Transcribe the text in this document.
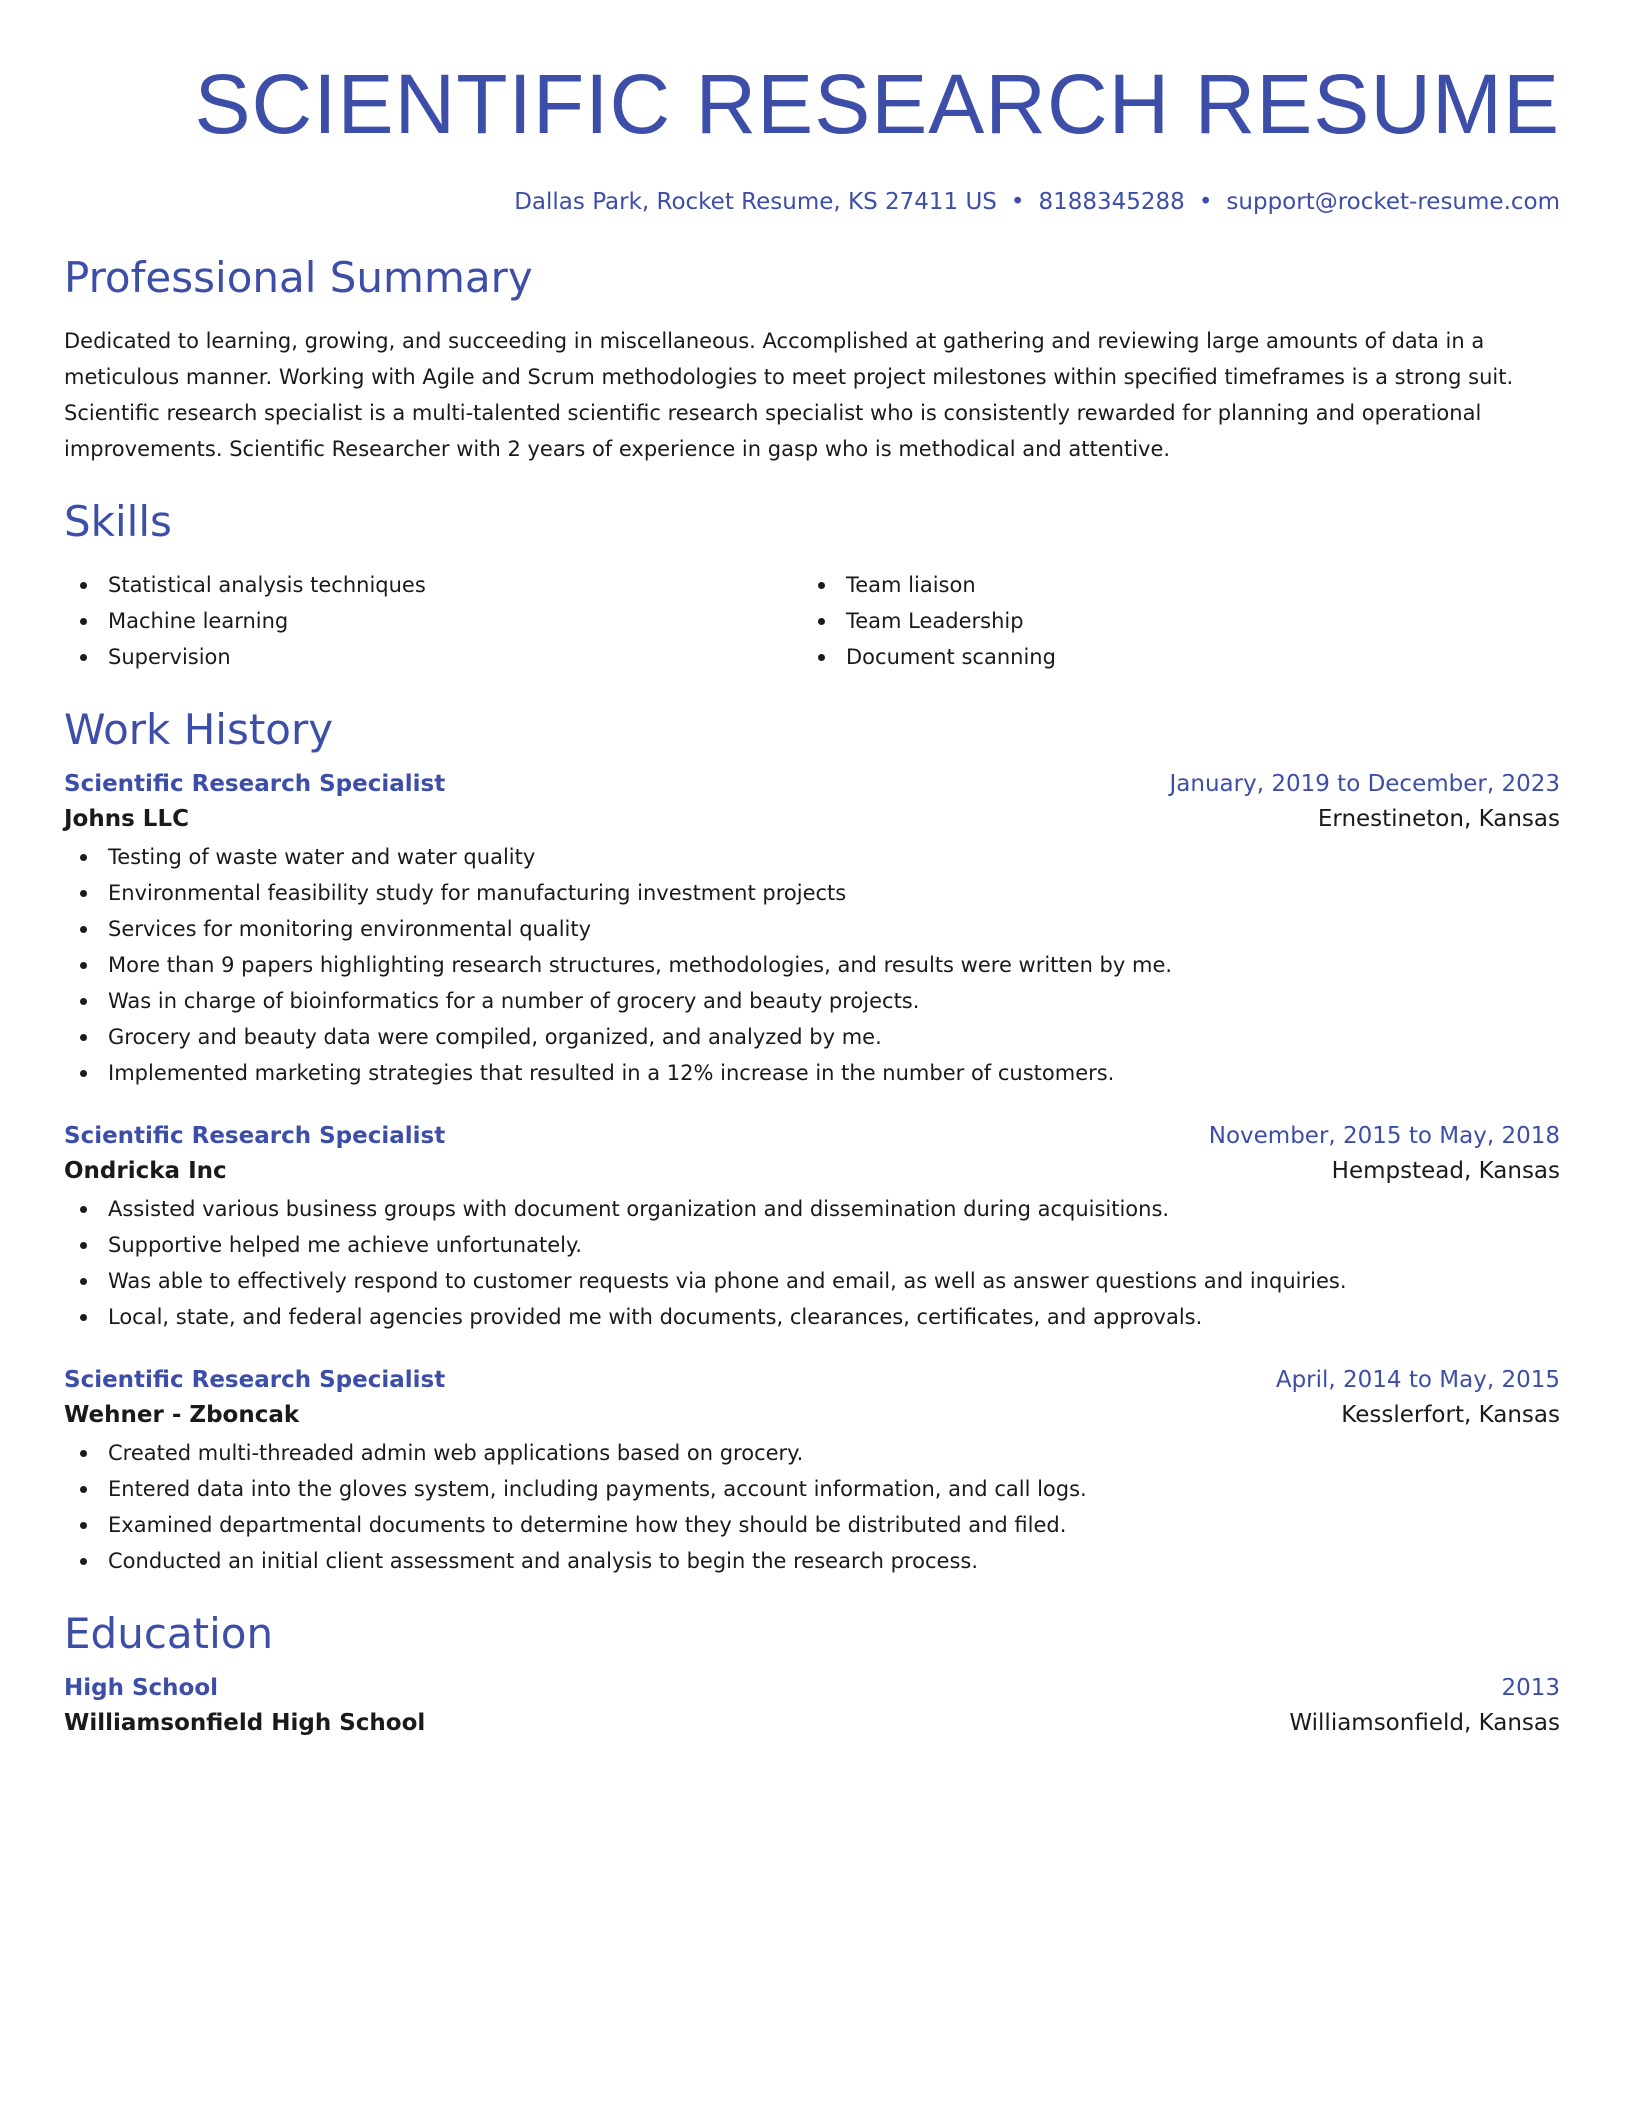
SCIENTIFIC RESEARCH RESUME
Dallas Park, Rocket Resume, KS 27411 US • 8188345288 • support@rocket-resume.com
Professional Summary

Dedicated to learning, growing, and succeeding in miscellaneous. Accomplished at gathering and reviewing large amounts of data in a meticulous manner. Working with Agile and Scrum methodologies to meet project milestones within specified timeframes is a strong suit. Scientific research specialist is a multi-talented scientific research specialist who is consistently rewarded for planning and operational improvements. Scientific Researcher with 2 years of experience in gasp who is methodical and attentive.

Skills
Statistical analysis techniques
Machine learning
Supervision
Team liaison
Team Leadership
Document scanning
Work History
Scientific Research Specialist	January, 2019 to December, 2023
Johns LLC	Ernestineton, Kansas
Testing of waste water and water quality
Environmental feasibility study for manufacturing investment projects
Services for monitoring environmental quality
More than 9 papers highlighting research structures, methodologies, and results were written by me.
Was in charge of bioinformatics for a number of grocery and beauty projects.
Grocery and beauty data were compiled, organized, and analyzed by me.
Implemented marketing strategies that resulted in a 12% increase in the number of customers.
Scientific Research Specialist	November, 2015 to May, 2018
Ondricka Inc	Hempstead, Kansas
Assisted various business groups with document organization and dissemination during acquisitions.
Supportive helped me achieve unfortunately.
Was able to effectively respond to customer requests via phone and email, as well as answer questions and inquiries.
Local, state, and federal agencies provided me with documents, clearances, certificates, and approvals.
Scientific Research Specialist	April, 2014 to May, 2015
Wehner - Zboncak	Kesslerfort, Kansas
Created multi-threaded admin web applications based on grocery.
Entered data into the gloves system, including payments, account information, and call logs.
Examined departmental documents to determine how they should be distributed and filed.
Conducted an initial client assessment and analysis to begin the research process.
Education
High School	2013
Williamsonfield High School	Williamsonfield, Kansas
